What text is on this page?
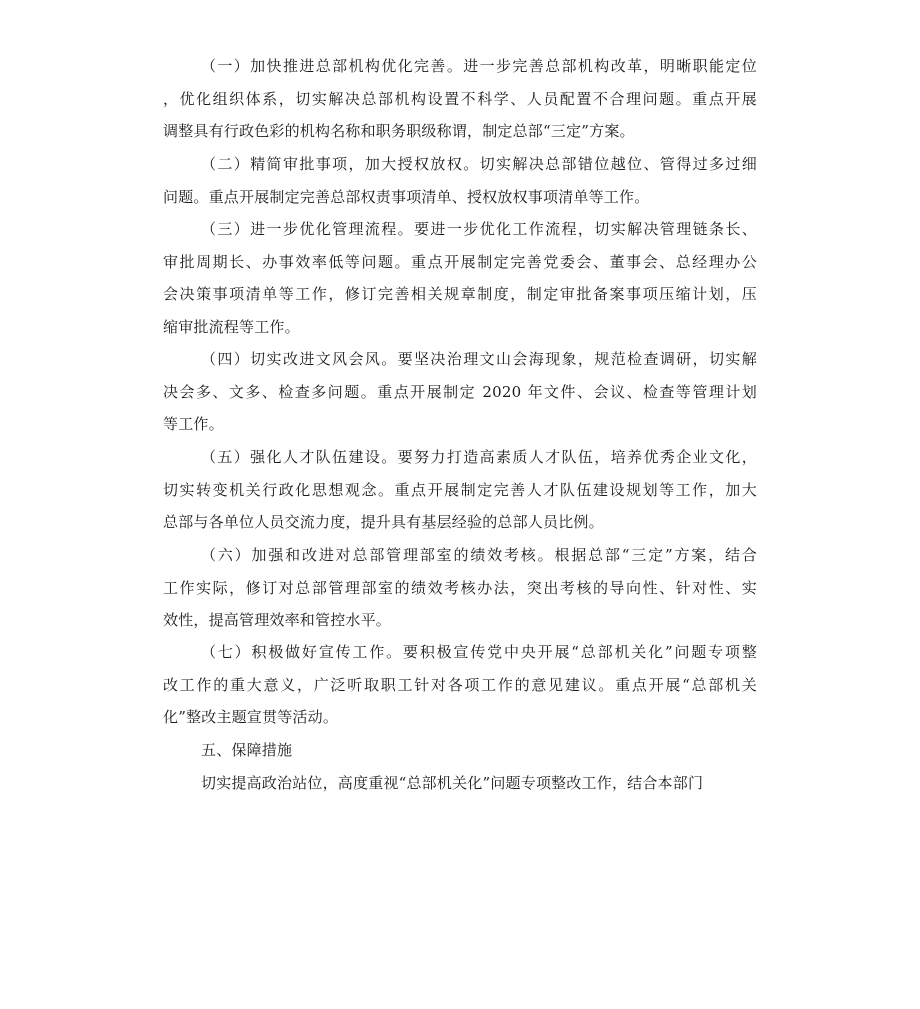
（一）加快推进总部机构优化完善。进一步完善总部机构改革，明晰职能定位
，优化组织体系，切实解决总部机构设置不科学、人员配置不合理问题。重点开展
调整具有行政色彩的机构名称和职务职级称谓，制定总部“三定”方案。
（二）精简审批事项，加大授权放权。切实解决总部错位越位、管得过多过细
问题。重点开展制定完善总部权责事项清单、授权放权事项清单等工作。
（三）进一步优化管理流程。要进一步优化工作流程，切实解决管理链条长、
审批周期长、办事效率低等问题。重点开展制定完善党委会、董事会、总经理办公
会决策事项清单等工作，修订完善相关规章制度，制定审批备案事项压缩计划，压
缩审批流程等工作。
（四）切实改进文风会风。要坚决治理文山会海现象，规范检查调研，切实解
决会多、文多、检查多问题。重点开展制定 2020 年文件、会议、检查等管理计划
等工作。
（五）强化人才队伍建设。要努力打造高素质人才队伍，培养优秀企业文化，
切实转变机关行政化思想观念。重点开展制定完善人才队伍建设规划等工作，加大
总部与各单位人员交流力度，提升具有基层经验的总部人员比例。
（六）加强和改进对总部管理部室的绩效考核。根据总部“三定”方案，结合
工作实际，修订对总部管理部室的绩效考核办法，突出考核的导向性、针对性、实
效性，提高管理效率和管控水平。
（七）积极做好宣传工作。要积极宣传党中央开展“总部机关化”问题专项整
改工作的重大意义，广泛听取职工针对各项工作的意见建议。重点开展“总部机关
化”整改主题宣贯等活动。
五、保障措施
切实提高政治站位，高度重视“总部机关化”问题专项整改工作，结合本部门
